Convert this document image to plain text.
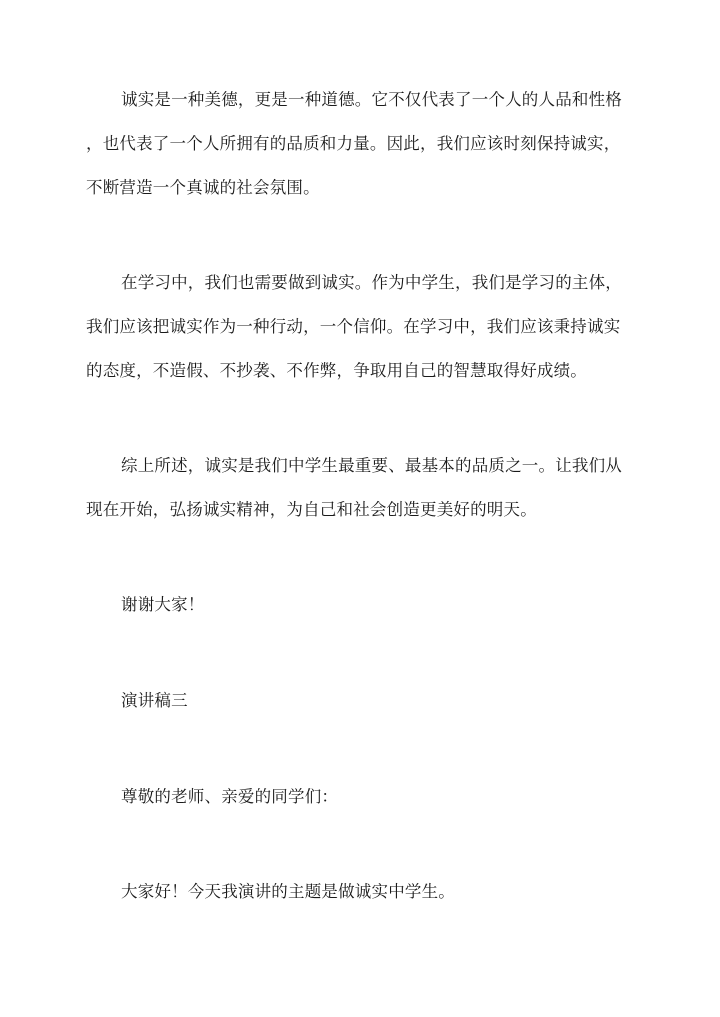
诚实是一种美德，更是一种道德。它不仅代表了一个人的人品和性格
，也代表了一个人所拥有的品质和力量。因此，我们应该时刻保持诚实，
不断营造一个真诚的社会氛围。
在学习中，我们也需要做到诚实。作为中学生，我们是学习的主体，
我们应该把诚实作为一种行动，一个信仰。在学习中，我们应该秉持诚实
的态度，不造假、不抄袭、不作弊，争取用自己的智慧取得好成绩。
综上所述，诚实是我们中学生最重要、最基本的品质之一。让我们从
现在开始，弘扬诚实精神，为自己和社会创造更美好的明天。
谢谢大家！
演讲稿三
尊敬的老师、亲爱的同学们：
大家好！今天我演讲的主题是做诚实中学生。
